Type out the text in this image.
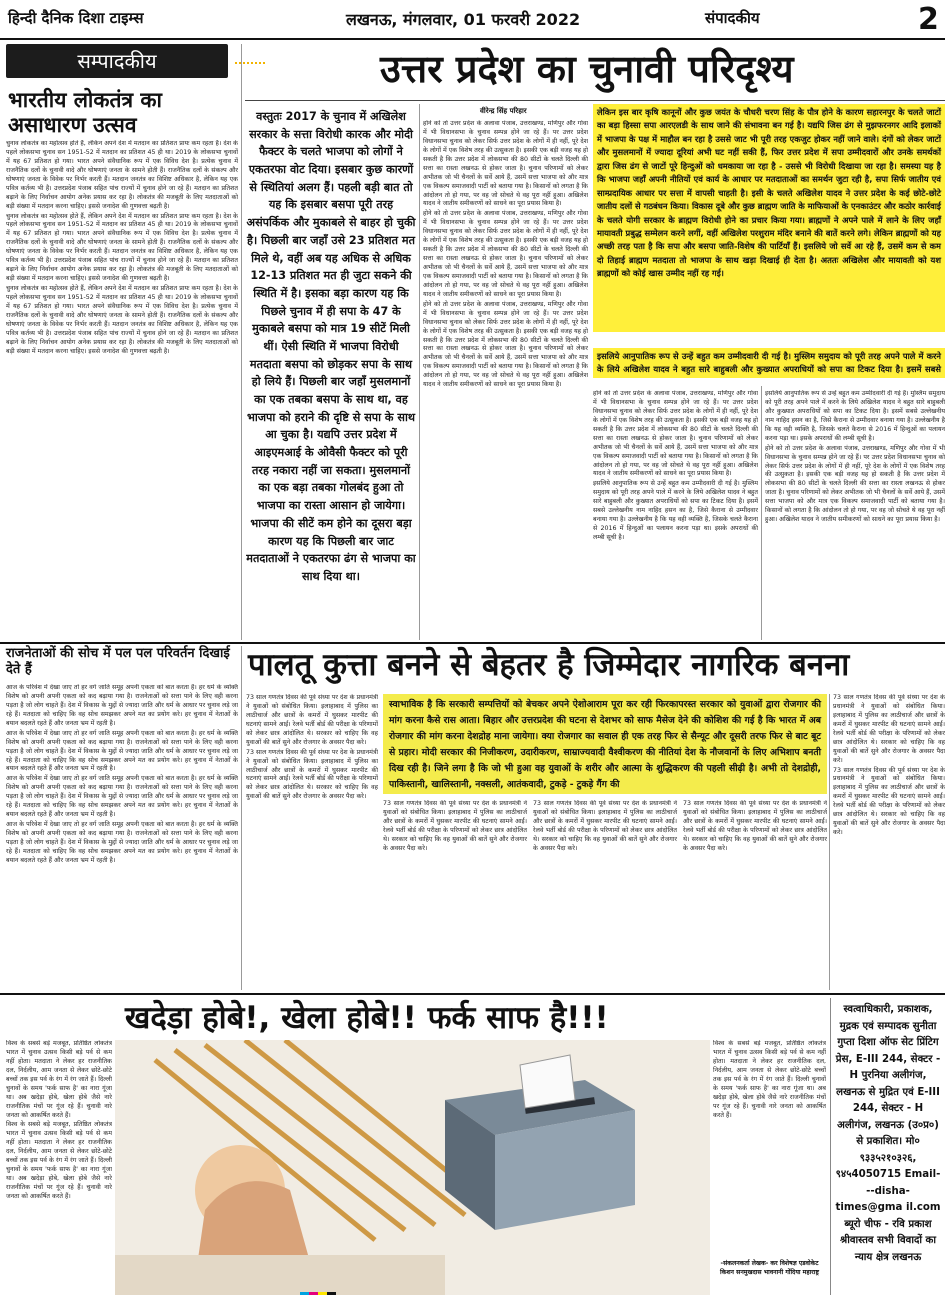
हिन्दी दैनिक दिशा टाइम्स	लखनऊ, मंगलवार, 01 फरवरी 2022	संपादकीय	2
सम्पादकीय
भारतीय लोकतंत्र का असाधारण उत्सव

चुनाव लोकतंत्र का महोत्सव होते हैं, लेकिन अपने देश में मतदान का प्रतिशत प्रायः कम रहता है। देश के पहले लोकसभा चुनाव सन 1951-52 में मतदान का प्रतिशत 45 ही था। 2019 के लोकसभा चुनावों में यह 67 प्रतिशत हो गया। भारत अपने संवैधानिक रूप में एक विविध देश है। प्रत्येक चुनाव में राजनैतिक दलों के चुनावी वादे और घोषणाएं जनता के सामने होती हैं। राजनैतिक दलों के संकल्प और घोषणाएं जनता के विवेक पर निर्भर करती हैं। मतदान जनतंत्र का विशिष्ट अधिकार है, लेकिन यह एक पवित्र कर्तव्य भी है। उत्तरप्रदेश पंजाब सहित पांच राज्यों में चुनाव होने जा रहे हैं। मतदान का प्रतिशत बढ़ाने के लिए निर्वाचन आयोग अनेक प्रयास कर रहा है। लोकतंत्र की मजबूती के लिए मतदाताओं को बड़ी संख्या में मतदान करना चाहिए। इससे जनादेश की गुणवत्ता बढ़ती है।

चुनाव लोकतंत्र का महोत्सव होते हैं, लेकिन अपने देश में मतदान का प्रतिशत प्रायः कम रहता है। देश के पहले लोकसभा चुनाव सन 1951-52 में मतदान का प्रतिशत 45 ही था। 2019 के लोकसभा चुनावों में यह 67 प्रतिशत हो गया। भारत अपने संवैधानिक रूप में एक विविध देश है। प्रत्येक चुनाव में राजनैतिक दलों के चुनावी वादे और घोषणाएं जनता के सामने होती हैं। राजनैतिक दलों के संकल्प और घोषणाएं जनता के विवेक पर निर्भर करती हैं। मतदान जनतंत्र का विशिष्ट अधिकार है, लेकिन यह एक पवित्र कर्तव्य भी है। उत्तरप्रदेश पंजाब सहित पांच राज्यों में चुनाव होने जा रहे हैं। मतदान का प्रतिशत बढ़ाने के लिए निर्वाचन आयोग अनेक प्रयास कर रहा है। लोकतंत्र की मजबूती के लिए मतदाताओं को बड़ी संख्या में मतदान करना चाहिए। इससे जनादेश की गुणवत्ता बढ़ती है।

चुनाव लोकतंत्र का महोत्सव होते हैं, लेकिन अपने देश में मतदान का प्रतिशत प्रायः कम रहता है। देश के पहले लोकसभा चुनाव सन 1951-52 में मतदान का प्रतिशत 45 ही था। 2019 के लोकसभा चुनावों में यह 67 प्रतिशत हो गया। भारत अपने संवैधानिक रूप में एक विविध देश है। प्रत्येक चुनाव में राजनैतिक दलों के चुनावी वादे और घोषणाएं जनता के सामने होती हैं। राजनैतिक दलों के संकल्प और घोषणाएं जनता के विवेक पर निर्भर करती हैं। मतदान जनतंत्र का विशिष्ट अधिकार है, लेकिन यह एक पवित्र कर्तव्य भी है। उत्तरप्रदेश पंजाब सहित पांच राज्यों में चुनाव होने जा रहे हैं। मतदान का प्रतिशत बढ़ाने के लिए निर्वाचन आयोग अनेक प्रयास कर रहा है। लोकतंत्र की मजबूती के लिए मतदाताओं को बड़ी संख्या में मतदान करना चाहिए। इससे जनादेश की गुणवत्ता बढ़ती है।

उत्तर प्रदेश का चुनावी परिदृश्य
वस्तुतः 2017 के चुनाव में अखिलेश सरकार के सत्ता विरोधी कारक और मोदी फैक्टर के चलते भाजपा को लोगों ने एकतरफा वोट दिया। इसबार कुछ कारणों से स्थितियां अलग हैं। पहली बड़ी बात तो यह कि इसबार बसपा पूरी तरह असंपर्किक और मुकाबले से बाहर हो चुकी है। पिछली बार जहाँ उसे 23 प्रतिशत मत मिले थे, वहीं अब यह अधिक से अधिक 12-13 प्रतिशत मत ही जुटा सकने की स्थिति में है। इसका बड़ा कारण यह कि पिछले चुनाव में ही सपा के 47 के मुकाबले बसपा को मात्र 19 सीटें मिली थीं। ऐसी स्थिति में भाजपा विरोधी मतदाता बसपा को छोड़कर सपा के साथ हो लिये हैं। पिछली बार जहाँ मुसलमानों का एक तबका बसपा के साथ था, वह भाजपा को हराने की दृष्टि से सपा के साथ आ चुका है। यद्यपि उत्तर प्रदेश में आइएमआई के ओवैसी फैक्टर को पूरी तरह नकारा नहीं जा सकता। मुसलमानों का एक बड़ा तबका गोलबंद हुआ तो भाजपा का रास्ता आसान हो जायेगा। भाजपा की सीटें कम होने का दूसरा बड़ा कारण यह कि पिछली बार जाट मतदाताओं ने एकतरफा ढंग से भाजपा का साथ दिया था।
वीरेन्द्र सिंह परिहार

होने को तो उत्तर प्रदेश के अलावा पंजाब, उत्तराखण्ड, मणिपुर और गोवा में भी विधानसभा के चुनाव सम्पन्न होने जा रहे हैं। पर उत्तर प्रदेश विधानसभा चुनाव को लेकर सिर्फ उत्तर प्रदेश के लोगों में ही नहीं, पूरे देश के लोगों में एक विशेष तरह की उत्सुकता है। इसकी एक बड़ी वजह यह हो सकती है कि उत्तर प्रदेश में लोकसभा की 80 सीटों के चलते दिल्ली की सत्ता का रास्ता लखनऊ से होकर जाता है। चुनाव परिणामों को लेकर अभीतक जो भी चैनलों के सर्वे आये हैं, उसमें सत्ता भाजपा को और मात्र एक विकल्प समाजवादी पार्टी को बताया गया है। किसानों को लगता है कि आंदोलन तो हो गया, पर वह जो सोचते थे वह पूरा नहीं हुआ। अखिलेश यादव ने जातीय समीकरणों को साधने का पूरा प्रयास किया है।

होने को तो उत्तर प्रदेश के अलावा पंजाब, उत्तराखण्ड, मणिपुर और गोवा में भी विधानसभा के चुनाव सम्पन्न होने जा रहे हैं। पर उत्तर प्रदेश विधानसभा चुनाव को लेकर सिर्फ उत्तर प्रदेश के लोगों में ही नहीं, पूरे देश के लोगों में एक विशेष तरह की उत्सुकता है। इसकी एक बड़ी वजह यह हो सकती है कि उत्तर प्रदेश में लोकसभा की 80 सीटों के चलते दिल्ली की सत्ता का रास्ता लखनऊ से होकर जाता है। चुनाव परिणामों को लेकर अभीतक जो भी चैनलों के सर्वे आये हैं, उसमें सत्ता भाजपा को और मात्र एक विकल्प समाजवादी पार्टी को बताया गया है। किसानों को लगता है कि आंदोलन तो हो गया, पर वह जो सोचते थे वह पूरा नहीं हुआ। अखिलेश यादव ने जातीय समीकरणों को साधने का पूरा प्रयास किया है।

होने को तो उत्तर प्रदेश के अलावा पंजाब, उत्तराखण्ड, मणिपुर और गोवा में भी विधानसभा के चुनाव सम्पन्न होने जा रहे हैं। पर उत्तर प्रदेश विधानसभा चुनाव को लेकर सिर्फ उत्तर प्रदेश के लोगों में ही नहीं, पूरे देश के लोगों में एक विशेष तरह की उत्सुकता है। इसकी एक बड़ी वजह यह हो सकती है कि उत्तर प्रदेश में लोकसभा की 80 सीटों के चलते दिल्ली की सत्ता का रास्ता लखनऊ से होकर जाता है। चुनाव परिणामों को लेकर अभीतक जो भी चैनलों के सर्वे आये हैं, उसमें सत्ता भाजपा को और मात्र एक विकल्प समाजवादी पार्टी को बताया गया है। किसानों को लगता है कि आंदोलन तो हो गया, पर वह जो सोचते थे वह पूरा नहीं हुआ। अखिलेश यादव ने जातीय समीकरणों को साधने का पूरा प्रयास किया है।

लेकिन इस बार कृषि कानूनों और कुछ जयंत के चौधरी चरण सिंह के पौत्र होने के कारण सहारनपुर के चलते जाटों का बड़ा हिस्सा सपा आरएलडी के साथ जाने की संभावना बन गई है। यद्यपि जिस ढंग से मुझफरनगर आदि इलाकों में भाजपा के पक्ष में माहौल बन रहा है उससे जाट भी पूरी तरह एकजुट होकर नहीं जाने वाले। दंगों को लेकर जाटों और मुसलमानों में ज्यादा दूरियां अभी घट नहीं सकी हैं, फिर उत्तर प्रदेश में सपा उम्मीदवारों और उनके समर्थकों द्वारा जिस ढंग से जाटों पूरे हिन्दुओं को धमकाया जा रहा है - उससे भी विरोधी दिखाया जा रहा है। समस्या यह है कि भाजपा जहाँ अपनी नीतियों एवं कार्य के आधार पर मतदाताओं का समर्थन जुटा रही है, सपा सिर्फ जातीय एवं साम्प्रदायिक आधार पर सत्ता में वापसी चाहती है। इसी के चलते अखिलेश यादव ने उत्तर प्रदेश के कई छोटे-छोटे जातीय दलों से गठबंधन किया। विकास दूबे और कुछ ब्राह्मण जाति के माफियाओं के एनकाउंटर और कठोर कार्रवाई के चलते योगी सरकार के ब्राह्मण विरोधी होने का प्रचार किया गया। ब्राह्मणों ने अपने पाले में लाने के लिए जहाँ मायावती प्रबुद्ध सम्मेलन करने लगीं, वहीं अखिलेश परशुराम मंदिर बनाने की बातें करने लगे। लेकिन ब्राह्मणों को यह अच्छी तरह पता है कि सपा और बसपा जाति-विशेष की पार्टियाँ हैं। इसलिये जो सर्वे आ रहे हैं, उसमें कम से कम दो तिहाई ब्राह्मण मतदाता तो भाजपा के साथ खड़ा दिखाई ही देता है। अततः अखिलेश और मायावती को यश ब्राह्मणों को कोई खास उम्मीद नहीं रह गई।
इसलिये आनुपातिक रूप से उन्हें बहुत कम उम्मीदवारी दी गई है। मुस्लिम समुदाय को पूरी तरह अपने पाले में करने के लिये अखिलेश यादव ने बहुत सारे बाहुबली और कुख्यात अपराधियों को सपा का टिकट दिया है। इसमें सबसे

होने को तो उत्तर प्रदेश के अलावा पंजाब, उत्तराखण्ड, मणिपुर और गोवा में भी विधानसभा के चुनाव सम्पन्न होने जा रहे हैं। पर उत्तर प्रदेश विधानसभा चुनाव को लेकर सिर्फ उत्तर प्रदेश के लोगों में ही नहीं, पूरे देश के लोगों में एक विशेष तरह की उत्सुकता है। इसकी एक बड़ी वजह यह हो सकती है कि उत्तर प्रदेश में लोकसभा की 80 सीटों के चलते दिल्ली की सत्ता का रास्ता लखनऊ से होकर जाता है। चुनाव परिणामों को लेकर अभीतक जो भी चैनलों के सर्वे आये हैं, उसमें सत्ता भाजपा को और मात्र एक विकल्प समाजवादी पार्टी को बताया गया है। किसानों को लगता है कि आंदोलन तो हो गया, पर वह जो सोचते थे वह पूरा नहीं हुआ। अखिलेश यादव ने जातीय समीकरणों को साधने का पूरा प्रयास किया है।

इसलिये आनुपातिक रूप से उन्हें बहुत कम उम्मीदवारी दी गई है। मुस्लिम समुदाय को पूरी तरह अपने पाले में करने के लिये अखिलेश यादव ने बहुत सारे बाहुबली और कुख्यात अपराधियों को सपा का टिकट दिया है। इसमें सबसे उल्लेखनीय नाम नाहिद हसन का है, जिसे कैराना से उम्मीदवार बनाया गया है। उल्लेखनीय है कि यह वही व्यक्ति है, जिसके चलते कैराना से 2016 में हिन्दुओं का पलायन करना पड़ा था। इसके अपराधों की लम्बी सूची है।

इसलिये आनुपातिक रूप से उन्हें बहुत कम उम्मीदवारी दी गई है। मुस्लिम समुदाय को पूरी तरह अपने पाले में करने के लिये अखिलेश यादव ने बहुत सारे बाहुबली और कुख्यात अपराधियों को सपा का टिकट दिया है। इसमें सबसे उल्लेखनीय नाम नाहिद हसन का है, जिसे कैराना से उम्मीदवार बनाया गया है। उल्लेखनीय है कि यह वही व्यक्ति है, जिसके चलते कैराना से 2016 में हिन्दुओं का पलायन करना पड़ा था। इसके अपराधों की लम्बी सूची है।

होने को तो उत्तर प्रदेश के अलावा पंजाब, उत्तराखण्ड, मणिपुर और गोवा में भी विधानसभा के चुनाव सम्पन्न होने जा रहे हैं। पर उत्तर प्रदेश विधानसभा चुनाव को लेकर सिर्फ उत्तर प्रदेश के लोगों में ही नहीं, पूरे देश के लोगों में एक विशेष तरह की उत्सुकता है। इसकी एक बड़ी वजह यह हो सकती है कि उत्तर प्रदेश में लोकसभा की 80 सीटों के चलते दिल्ली की सत्ता का रास्ता लखनऊ से होकर जाता है। चुनाव परिणामों को लेकर अभीतक जो भी चैनलों के सर्वे आये हैं, उसमें सत्ता भाजपा को और मात्र एक विकल्प समाजवादी पार्टी को बताया गया है। किसानों को लगता है कि आंदोलन तो हो गया, पर वह जो सोचते थे वह पूरा नहीं हुआ। अखिलेश यादव ने जातीय समीकरणों को साधने का पूरा प्रयास किया है।

राजनेताओं की सोच में पल पल परिवर्तन दिखाई देते हैं

आज के परिवेश में देखा जाए तो हर वर्ग जाति समूह अपनी एकता को बात करता है। हर धर्म के व्यक्ति विशेष को अपनी अपनी एकता को कद बढ़ाया गया है। राजनेताओं को सत्ता पाने के लिए वही करना पड़ता है जो लोग चाहते हैं। देश में विकास के मुद्दों से ज्यादा जाति और धर्म के आधार पर चुनाव लड़े जा रहे हैं। मतदाता को चाहिए कि वह सोच समझकर अपने मत का प्रयोग करे। हर चुनाव में नेताओं के बयान बदलते रहते हैं और जनता भ्रम में रहती है।

आज के परिवेश में देखा जाए तो हर वर्ग जाति समूह अपनी एकता को बात करता है। हर धर्म के व्यक्ति विशेष को अपनी अपनी एकता को कद बढ़ाया गया है। राजनेताओं को सत्ता पाने के लिए वही करना पड़ता है जो लोग चाहते हैं। देश में विकास के मुद्दों से ज्यादा जाति और धर्म के आधार पर चुनाव लड़े जा रहे हैं। मतदाता को चाहिए कि वह सोच समझकर अपने मत का प्रयोग करे। हर चुनाव में नेताओं के बयान बदलते रहते हैं और जनता भ्रम में रहती है।

आज के परिवेश में देखा जाए तो हर वर्ग जाति समूह अपनी एकता को बात करता है। हर धर्म के व्यक्ति विशेष को अपनी अपनी एकता को कद बढ़ाया गया है। राजनेताओं को सत्ता पाने के लिए वही करना पड़ता है जो लोग चाहते हैं। देश में विकास के मुद्दों से ज्यादा जाति और धर्म के आधार पर चुनाव लड़े जा रहे हैं। मतदाता को चाहिए कि वह सोच समझकर अपने मत का प्रयोग करे। हर चुनाव में नेताओं के बयान बदलते रहते हैं और जनता भ्रम में रहती है।

आज के परिवेश में देखा जाए तो हर वर्ग जाति समूह अपनी एकता को बात करता है। हर धर्म के व्यक्ति विशेष को अपनी अपनी एकता को कद बढ़ाया गया है। राजनेताओं को सत्ता पाने के लिए वही करना पड़ता है जो लोग चाहते हैं। देश में विकास के मुद्दों से ज्यादा जाति और धर्म के आधार पर चुनाव लड़े जा रहे हैं। मतदाता को चाहिए कि वह सोच समझकर अपने मत का प्रयोग करे। हर चुनाव में नेताओं के बयान बदलते रहते हैं और जनता भ्रम में रहती है।

पालतू कुत्ता बनने से बेहतर है जिम्मेदार नागरिक बनना

73 साल गणतंत्र दिवस की पूर्व संध्या पर देश के प्रधानमंत्री ने युवाओं को संबोधित किया। इलाहाबाद में पुलिस का लाठीचार्ज और छात्रों के कमरों में घुसकर मारपीट की घटनाएं सामने आईं। रेलवे भर्ती बोर्ड की परीक्षा के परिणामों को लेकर छात्र आंदोलित थे। सरकार को चाहिए कि वह युवाओं की बातें सुने और रोजगार के अवसर पैदा करे।

73 साल गणतंत्र दिवस की पूर्व संध्या पर देश के प्रधानमंत्री ने युवाओं को संबोधित किया। इलाहाबाद में पुलिस का लाठीचार्ज और छात्रों के कमरों में घुसकर मारपीट की घटनाएं सामने आईं। रेलवे भर्ती बोर्ड की परीक्षा के परिणामों को लेकर छात्र आंदोलित थे। सरकार को चाहिए कि वह युवाओं की बातें सुने और रोजगार के अवसर पैदा करे।

स्वाभाविक है कि सरकारी सम्पत्तियों को बेचकर अपने ऐशोआराम पूरा कर रही फिरकापरस्त सरकार को युवाओं द्वारा रोजगार की मांग करना कैसे रास आता। बिहार और उत्तरप्रदेश की घटना से देशभर को साफ मैसेज देने की कोशिश की गई है कि भारत में अब रोजगार की मांग करना देशद्रोह माना जायेगा। क्या रोजगार का सवाल ही एक तरह फिर से सैन्यूट और दूसरी तरफ फिर से बाट बूट से प्रहार। मोदी सरकार की निजीकरण, उदारीकरण, साम्राज्यवादी वैश्वीकरण की नीतियां देश के नौजवानों के लिए अभिशाप बनती दिख रही है। जिने लगा है कि जो भी हुआ वह युवाओं के शरीर और आत्मा के शुद्धिकरण की पहली सीढ़ी है। अभी तो देशद्रोही, पाकिस्तानी, खालिस्तानी, नक्सली, आतंकवादी, टुकड़े - टुकड़े गैंग की

73 साल गणतंत्र दिवस की पूर्व संध्या पर देश के प्रधानमंत्री ने युवाओं को संबोधित किया। इलाहाबाद में पुलिस का लाठीचार्ज और छात्रों के कमरों में घुसकर मारपीट की घटनाएं सामने आईं। रेलवे भर्ती बोर्ड की परीक्षा के परिणामों को लेकर छात्र आंदोलित थे। सरकार को चाहिए कि वह युवाओं की बातें सुने और रोजगार के अवसर पैदा करे।

73 साल गणतंत्र दिवस की पूर्व संध्या पर देश के प्रधानमंत्री ने युवाओं को संबोधित किया। इलाहाबाद में पुलिस का लाठीचार्ज और छात्रों के कमरों में घुसकर मारपीट की घटनाएं सामने आईं। रेलवे भर्ती बोर्ड की परीक्षा के परिणामों को लेकर छात्र आंदोलित थे। सरकार को चाहिए कि वह युवाओं की बातें सुने और रोजगार के अवसर पैदा करे।

73 साल गणतंत्र दिवस की पूर्व संध्या पर देश के प्रधानमंत्री ने युवाओं को संबोधित किया। इलाहाबाद में पुलिस का लाठीचार्ज और छात्रों के कमरों में घुसकर मारपीट की घटनाएं सामने आईं। रेलवे भर्ती बोर्ड की परीक्षा के परिणामों को लेकर छात्र आंदोलित थे। सरकार को चाहिए कि वह युवाओं की बातें सुने और रोजगार के अवसर पैदा करे।

73 साल गणतंत्र दिवस की पूर्व संध्या पर देश के प्रधानमंत्री ने युवाओं को संबोधित किया। इलाहाबाद में पुलिस का लाठीचार्ज और छात्रों के कमरों में घुसकर मारपीट की घटनाएं सामने आईं। रेलवे भर्ती बोर्ड की परीक्षा के परिणामों को लेकर छात्र आंदोलित थे। सरकार को चाहिए कि वह युवाओं की बातें सुने और रोजगार के अवसर पैदा करे।

73 साल गणतंत्र दिवस की पूर्व संध्या पर देश के प्रधानमंत्री ने युवाओं को संबोधित किया। इलाहाबाद में पुलिस का लाठीचार्ज और छात्रों के कमरों में घुसकर मारपीट की घटनाएं सामने आईं। रेलवे भर्ती बोर्ड की परीक्षा के परिणामों को लेकर छात्र आंदोलित थे। सरकार को चाहिए कि वह युवाओं की बातें सुने और रोजगार के अवसर पैदा करे।

खदेड़ा होबे!, खेला होबे!! फर्क साफ है!!!

विश्व के सबसे बड़े मजबूत, प्रतिष्ठित लोकतंत्र भारत में चुनाव उत्सव किसी बड़े पर्व से कम नहीं होता। मतदाता ने लेकर हर राजनीतिक दल, निर्दलीय, आम जनता से लेकर छोटे-छोटे बच्चों तक इस पर्व के रंग में रंग जाते हैं। दिल्ली चुनावों के समय 'फर्क साफ है' का नारा गूंजा था। अब खदेड़ा होबे, खेला होबे जैसे नारे राजनीतिक मंचों पर गूंज रहे हैं। चुनावी नारे जनता को आकर्षित करते हैं।

विश्व के सबसे बड़े मजबूत, प्रतिष्ठित लोकतंत्र भारत में चुनाव उत्सव किसी बड़े पर्व से कम नहीं होता। मतदाता ने लेकर हर राजनीतिक दल, निर्दलीय, आम जनता से लेकर छोटे-छोटे बच्चों तक इस पर्व के रंग में रंग जाते हैं। दिल्ली चुनावों के समय 'फर्क साफ है' का नारा गूंजा था। अब खदेड़ा होबे, खेला होबे जैसे नारे राजनीतिक मंचों पर गूंज रहे हैं। चुनावी नारे जनता को आकर्षित करते हैं।

विश्व के सबसे बड़े मजबूत, प्रतिष्ठित लोकतंत्र भारत में चुनाव उत्सव किसी बड़े पर्व से कम नहीं होता। मतदाता ने लेकर हर राजनीतिक दल, निर्दलीय, आम जनता से लेकर छोटे-छोटे बच्चों तक इस पर्व के रंग में रंग जाते हैं। दिल्ली चुनावों के समय 'फर्क साफ है' का नारा गूंजा था। अब खदेड़ा होबे, खेला होबे जैसे नारे राजनीतिक मंचों पर गूंज रहे हैं। चुनावी नारे जनता को आकर्षित करते हैं।

-संकलनकर्ता लेखक- कर विशेषज्ञ एडवोकेट किशन सनमुखदास भावनानी गोंदिया महाराष्ट्र
स्वत्वाधिकारी, प्रकाशक, मुद्रक एवं सम्पादक सुनीता गुप्ता दिशा ऑफ सेट प्रिंटिग प्रेस, E-III 244, सेक्टर - H पुरनिया अलीगंज, लखनऊ से मुद्रित एवं E-III 244, सेक्टर - H अलीगंज, लखनऊ (उ०प्र०) से प्रकाशित। मो० ९३३५२१०३२६, ९४५4050715 Email---disha-times@gma il.com ब्यूरो चीफ - रवि प्रकाश श्रीवास्तव सभी विवादों का न्याय क्षेत्र लखनऊ
